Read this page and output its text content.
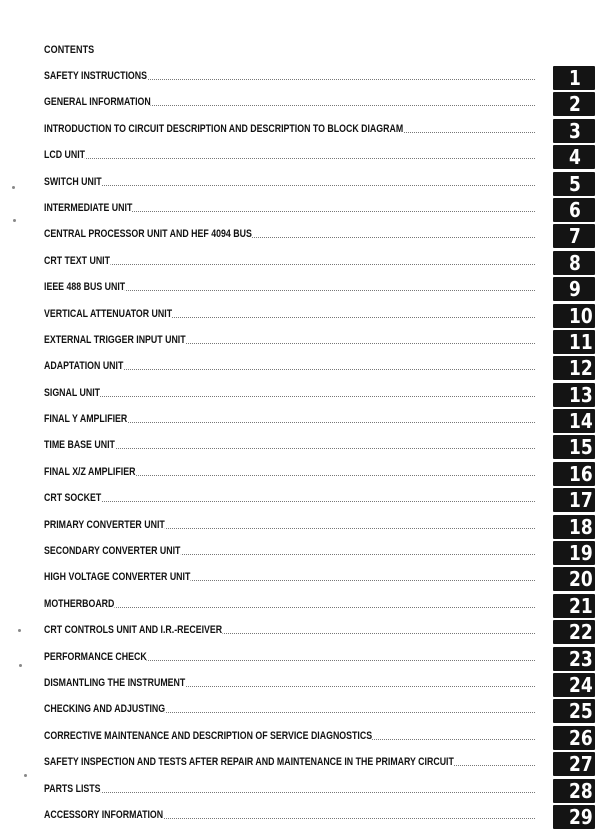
CONTENTS
SAFETY INSTRUCTIONS	1
GENERAL INFORMATION	2
INTRODUCTION TO CIRCUIT DESCRIPTION AND DESCRIPTION TO BLOCK DIAGRAM	3
LCD UNIT	4
SWITCH UNIT	5
INTERMEDIATE UNIT	6
CENTRAL PROCESSOR UNIT AND HEF 4094 BUS	7
CRT TEXT UNIT	8
IEEE 488 BUS UNIT	9
VERTICAL ATTENUATOR UNIT	10
EXTERNAL TRIGGER INPUT UNIT	11
ADAPTATION UNIT	12
SIGNAL UNIT	13
FINAL Y AMPLIFIER	14
TIME BASE UNIT	15
FINAL X/Z AMPLIFIER	16
CRT SOCKET	17
PRIMARY CONVERTER UNIT	18
SECONDARY CONVERTER UNIT	19
HIGH VOLTAGE CONVERTER UNIT	20
MOTHERBOARD	21
CRT CONTROLS UNIT AND I.R.-RECEIVER	22
PERFORMANCE CHECK	23
DISMANTLING THE INSTRUMENT	24
CHECKING AND ADJUSTING	25
CORRECTIVE MAINTENANCE AND DESCRIPTION OF SERVICE DIAGNOSTICS	26
SAFETY INSPECTION AND TESTS AFTER REPAIR AND MAINTENANCE IN THE PRIMARY CIRCUIT	27
PARTS LISTS	28
ACCESSORY INFORMATION	29
